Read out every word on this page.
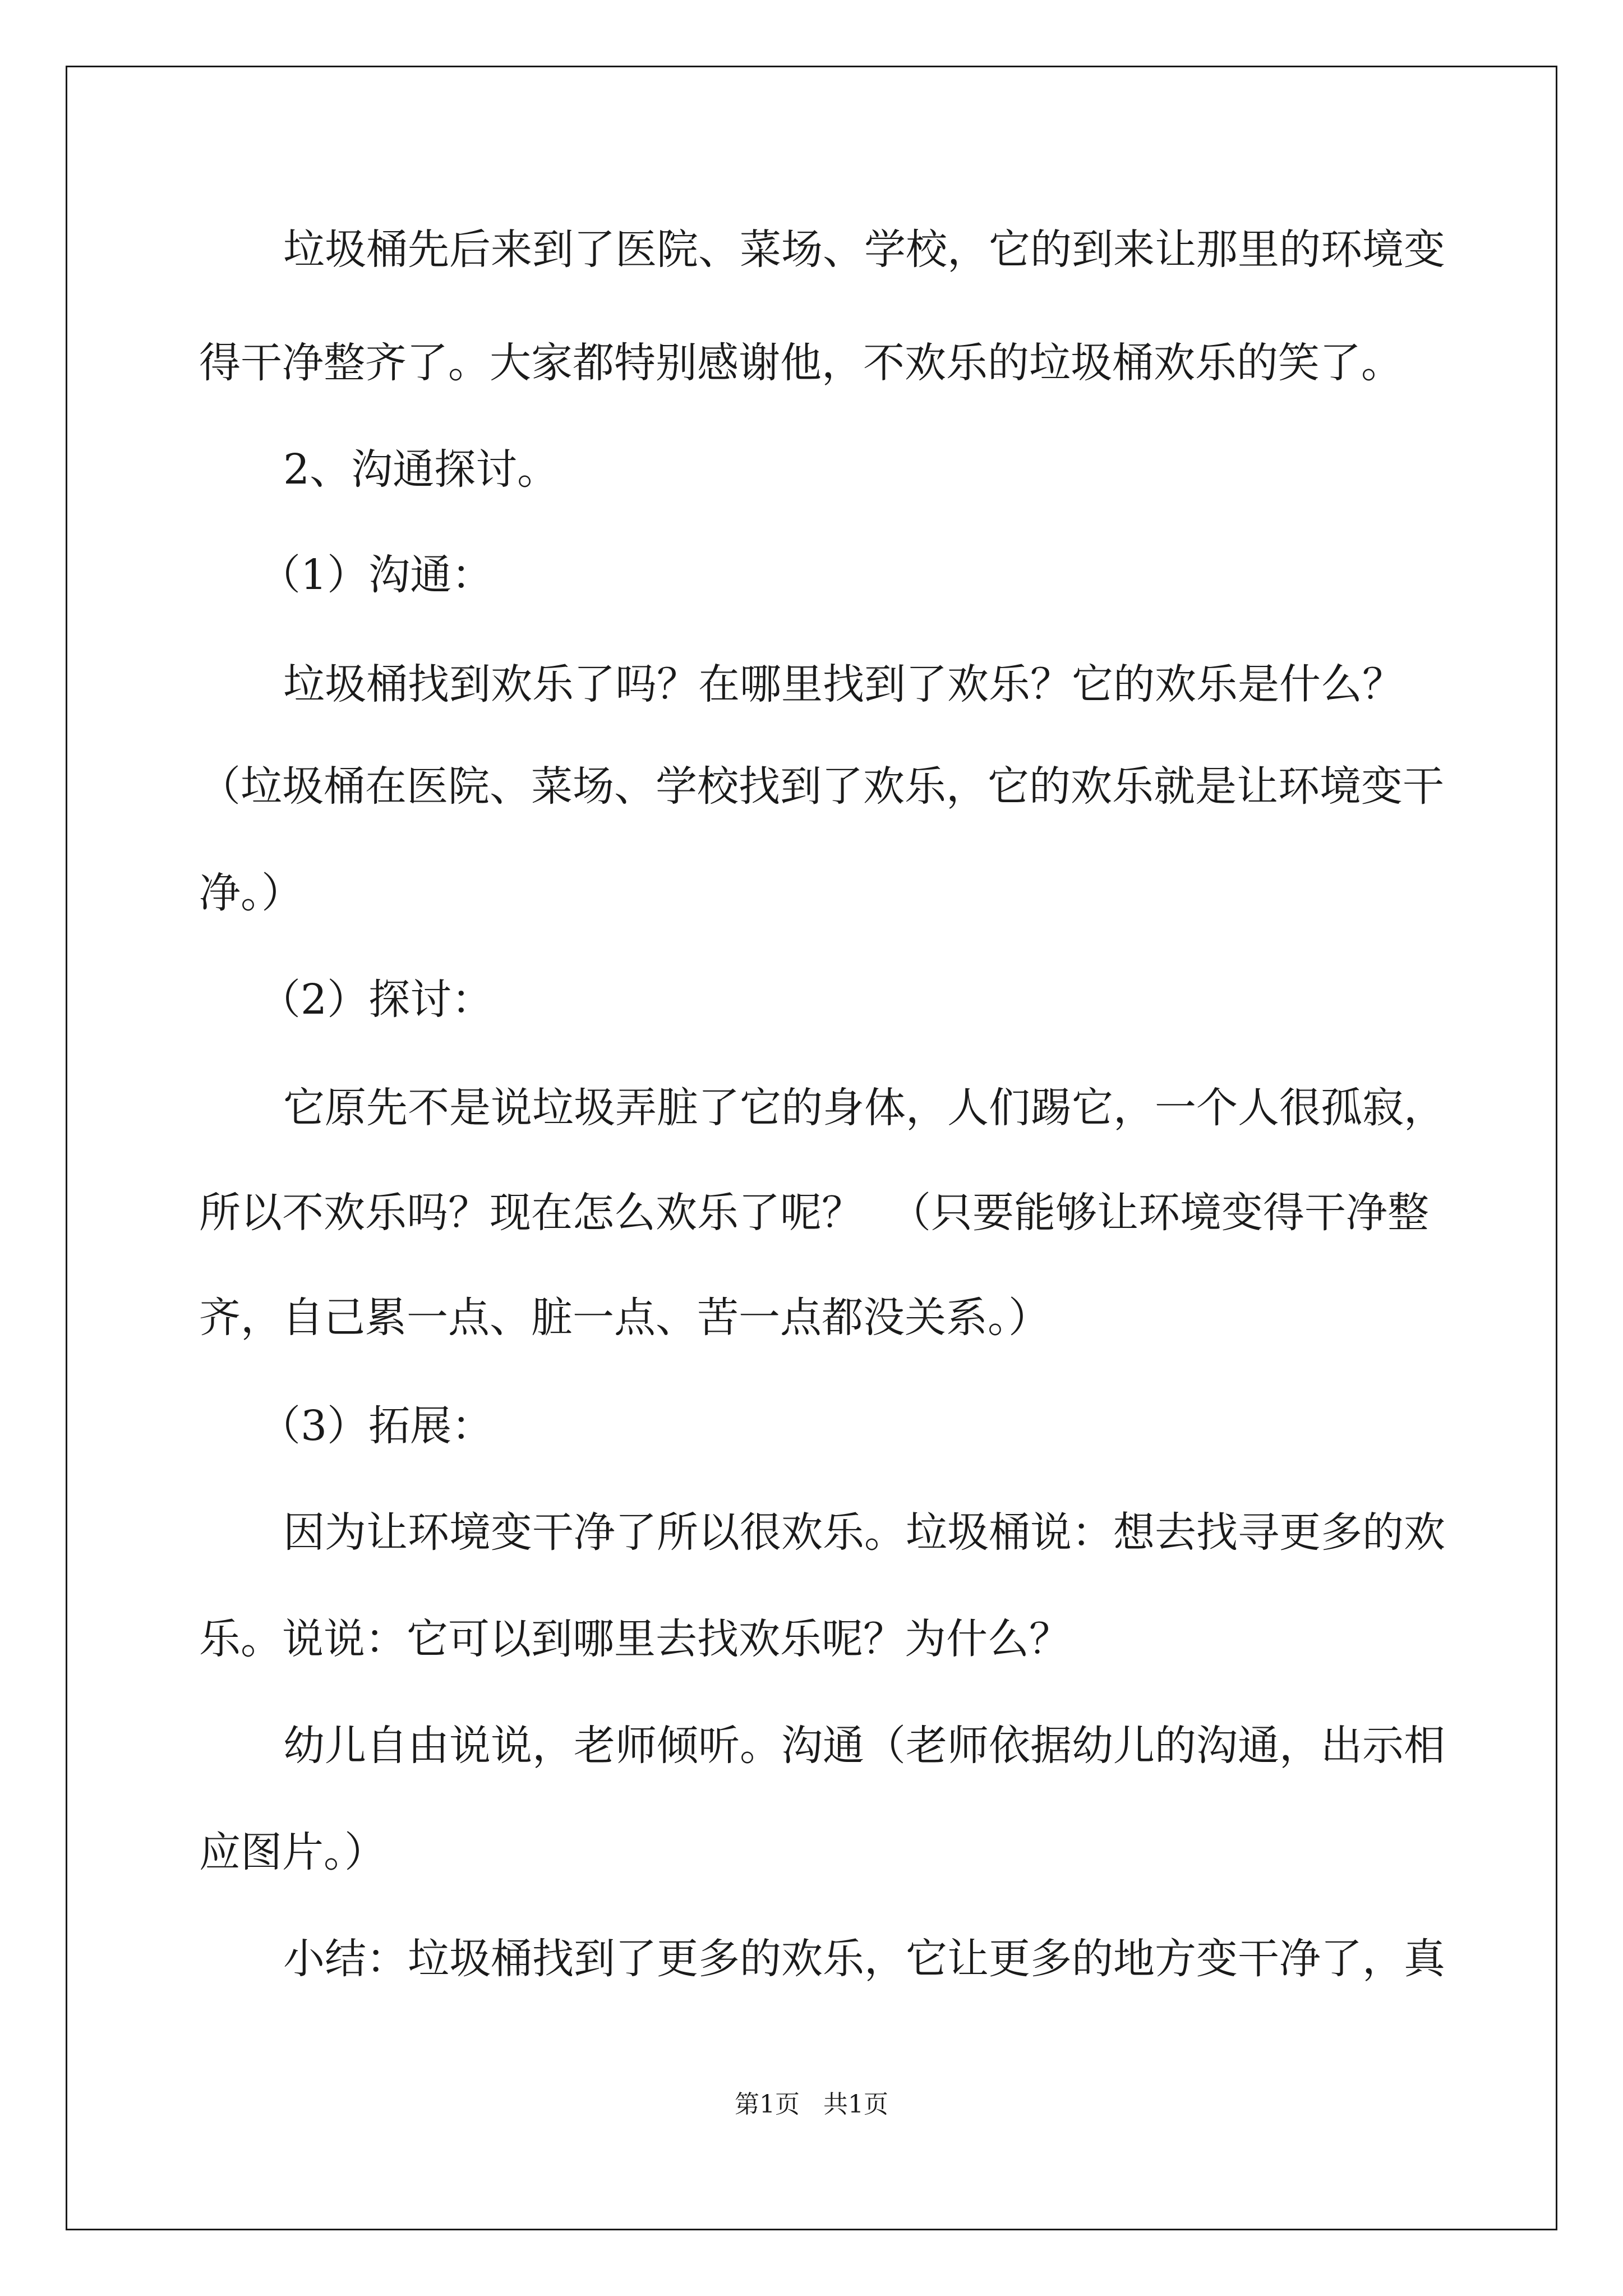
垃圾桶先后来到了医院、菜场、学校，它的到来让那里的环境变
得干净整齐了。大家都特别感谢他，不欢乐的垃圾桶欢乐的笑了。
2、沟通探讨。
（1）沟通：
垃圾桶找到欢乐了吗？在哪里找到了欢乐？它的欢乐是什么？
（垃圾桶在医院、菜场、学校找到了欢乐，它的欢乐就是让环境变干
净。）
（2）探讨：
它原先不是说垃圾弄脏了它的身体，人们踢它，一个人很孤寂，
所以不欢乐吗？现在怎么欢乐了呢？  （只要能够让环境变得干净整
齐，自己累一点、脏一点、苦一点都没关系。）
（3）拓展：
因为让环境变干净了所以很欢乐。垃圾桶说：想去找寻更多的欢
乐。说说：它可以到哪里去找欢乐呢？为什么？
幼儿自由说说，老师倾听。沟通（老师依据幼儿的沟通，出示相
应图片。）
小结：垃圾桶找到了更多的欢乐，它让更多的地方变干净了，真
第1页   共1页
